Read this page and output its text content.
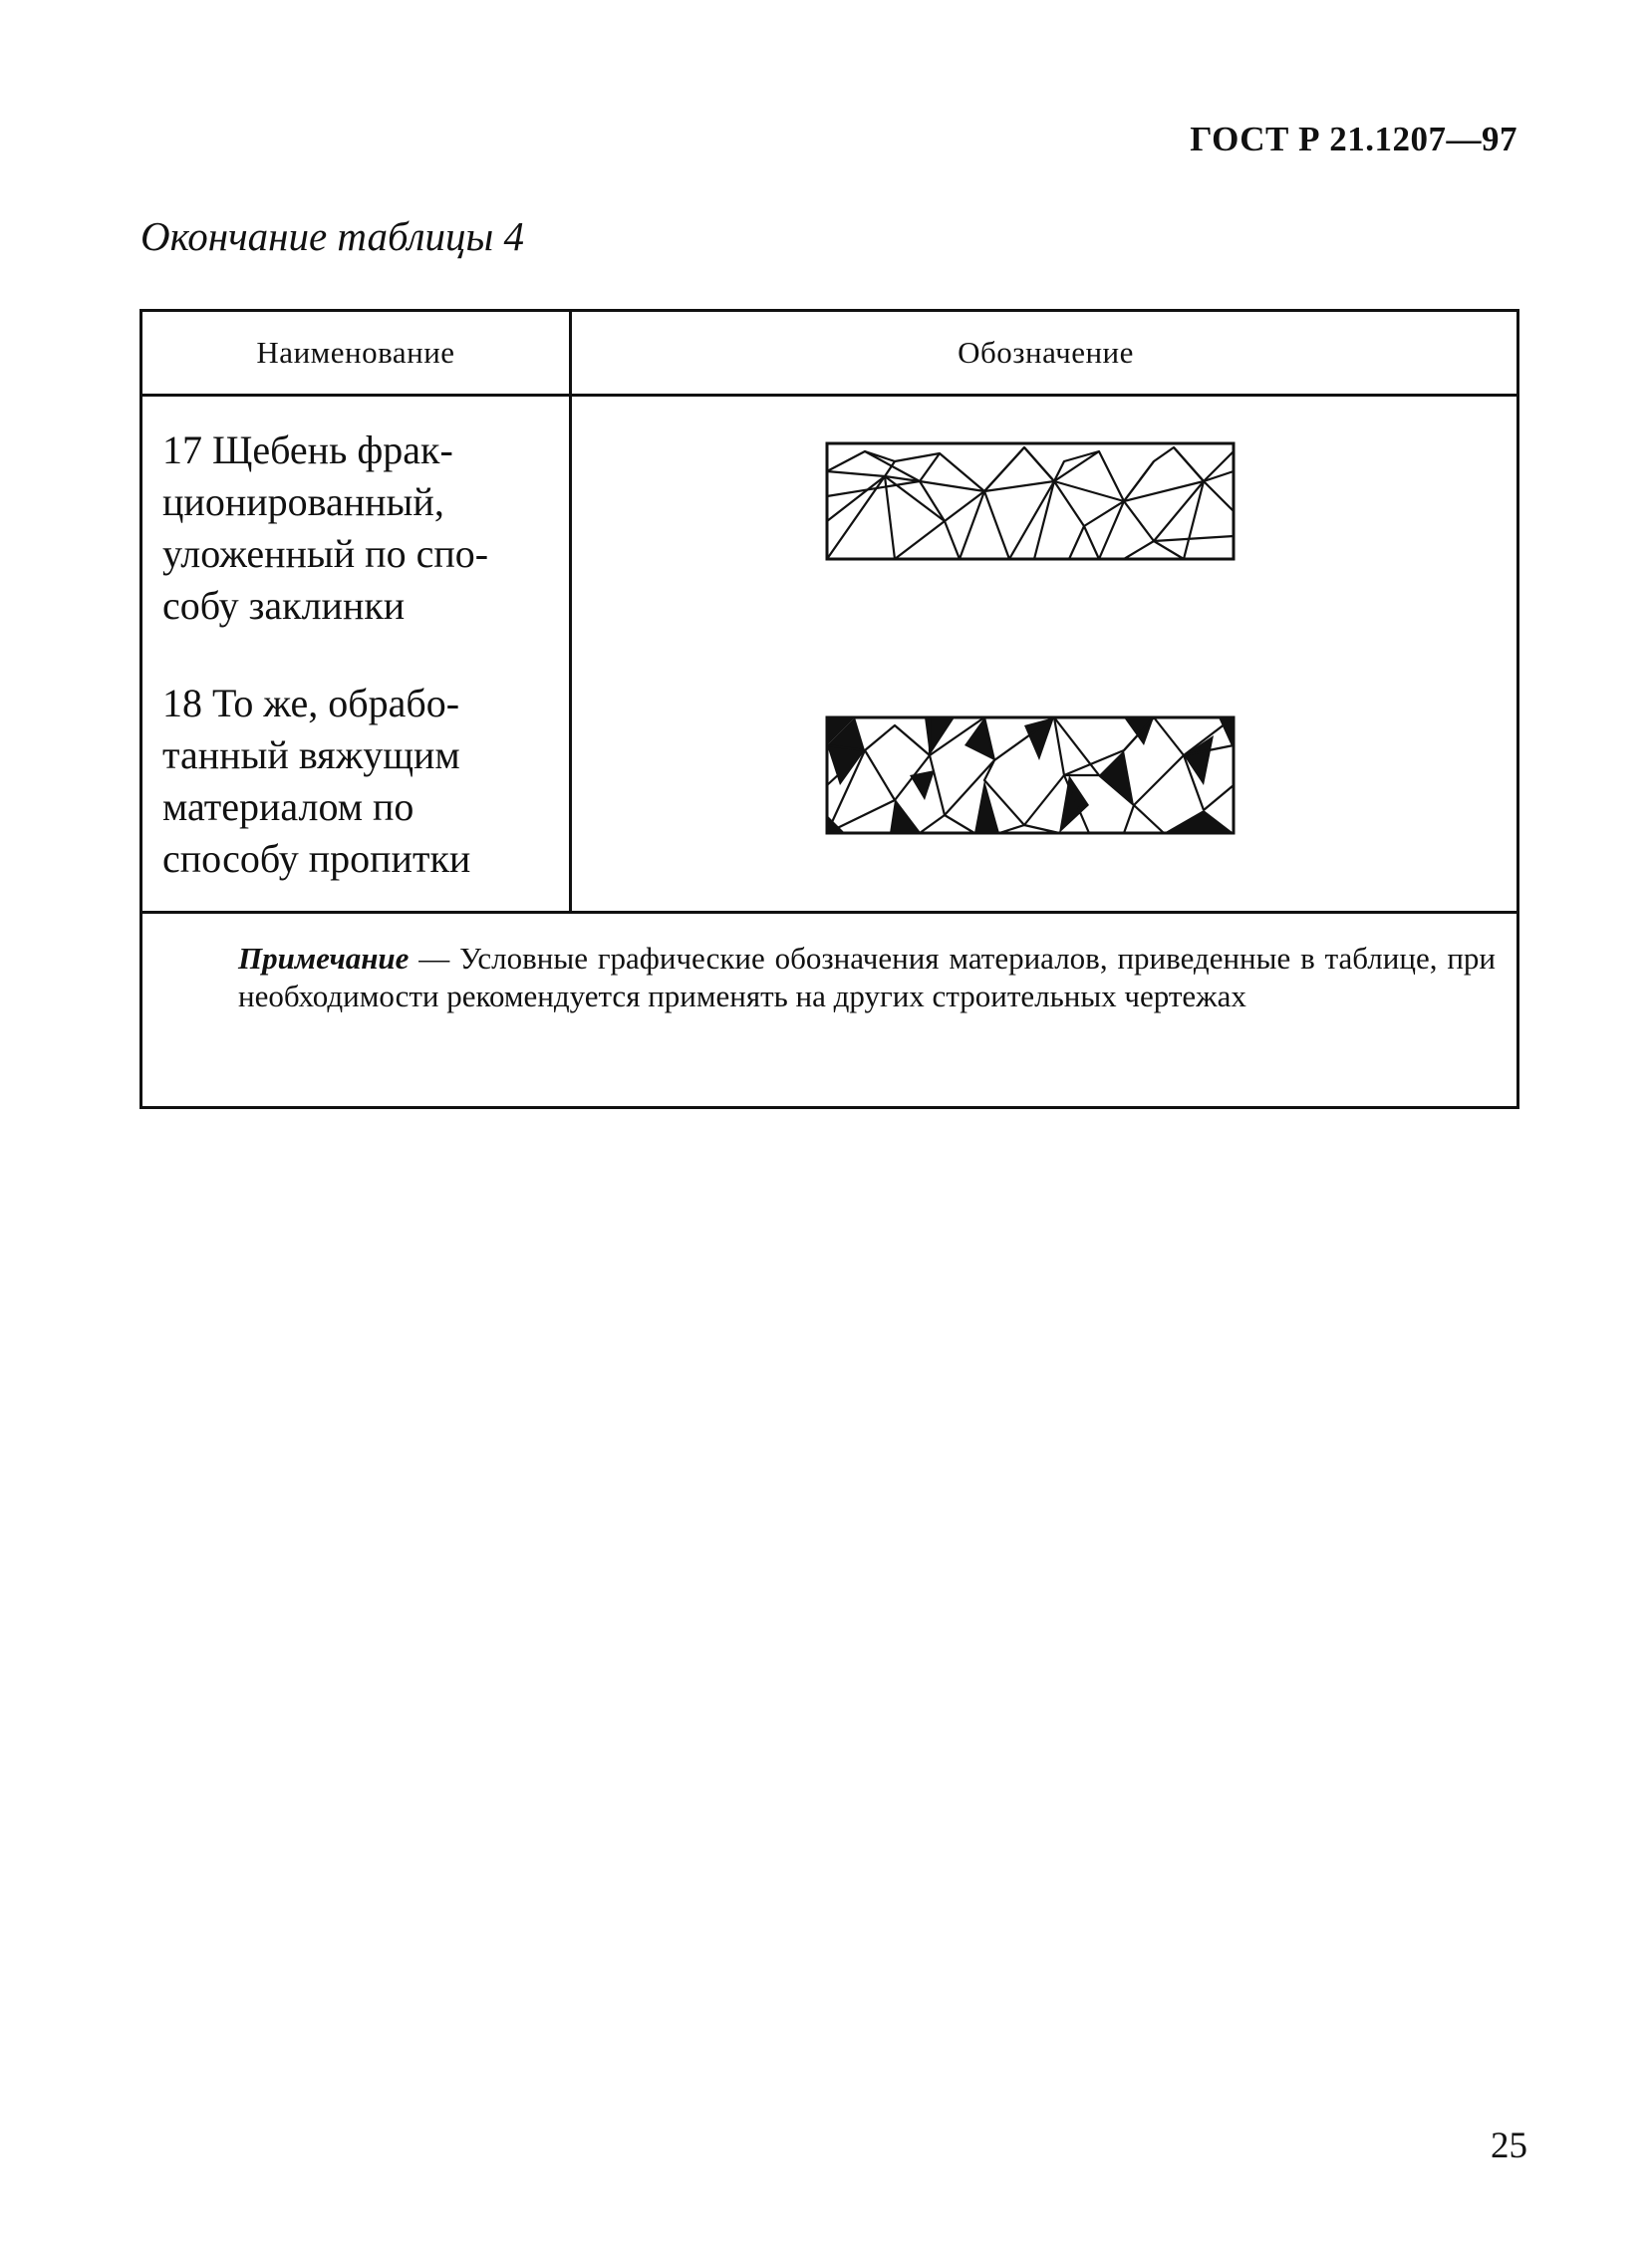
ГОСТ Р 21.1207—97
Окончание таблицы 4
Наименование	Обозначение
17 Щебень фрак-
ционированный,
уложенный по спо-
собу заклинки
18 То же, обрабо-
танный вяжущим
материалом по
способу пропитки
Примечание — Условные графические обозначения материалов, приведенные в таблице, при необходимости рекомендуется применять на других строительных чертежах
25
